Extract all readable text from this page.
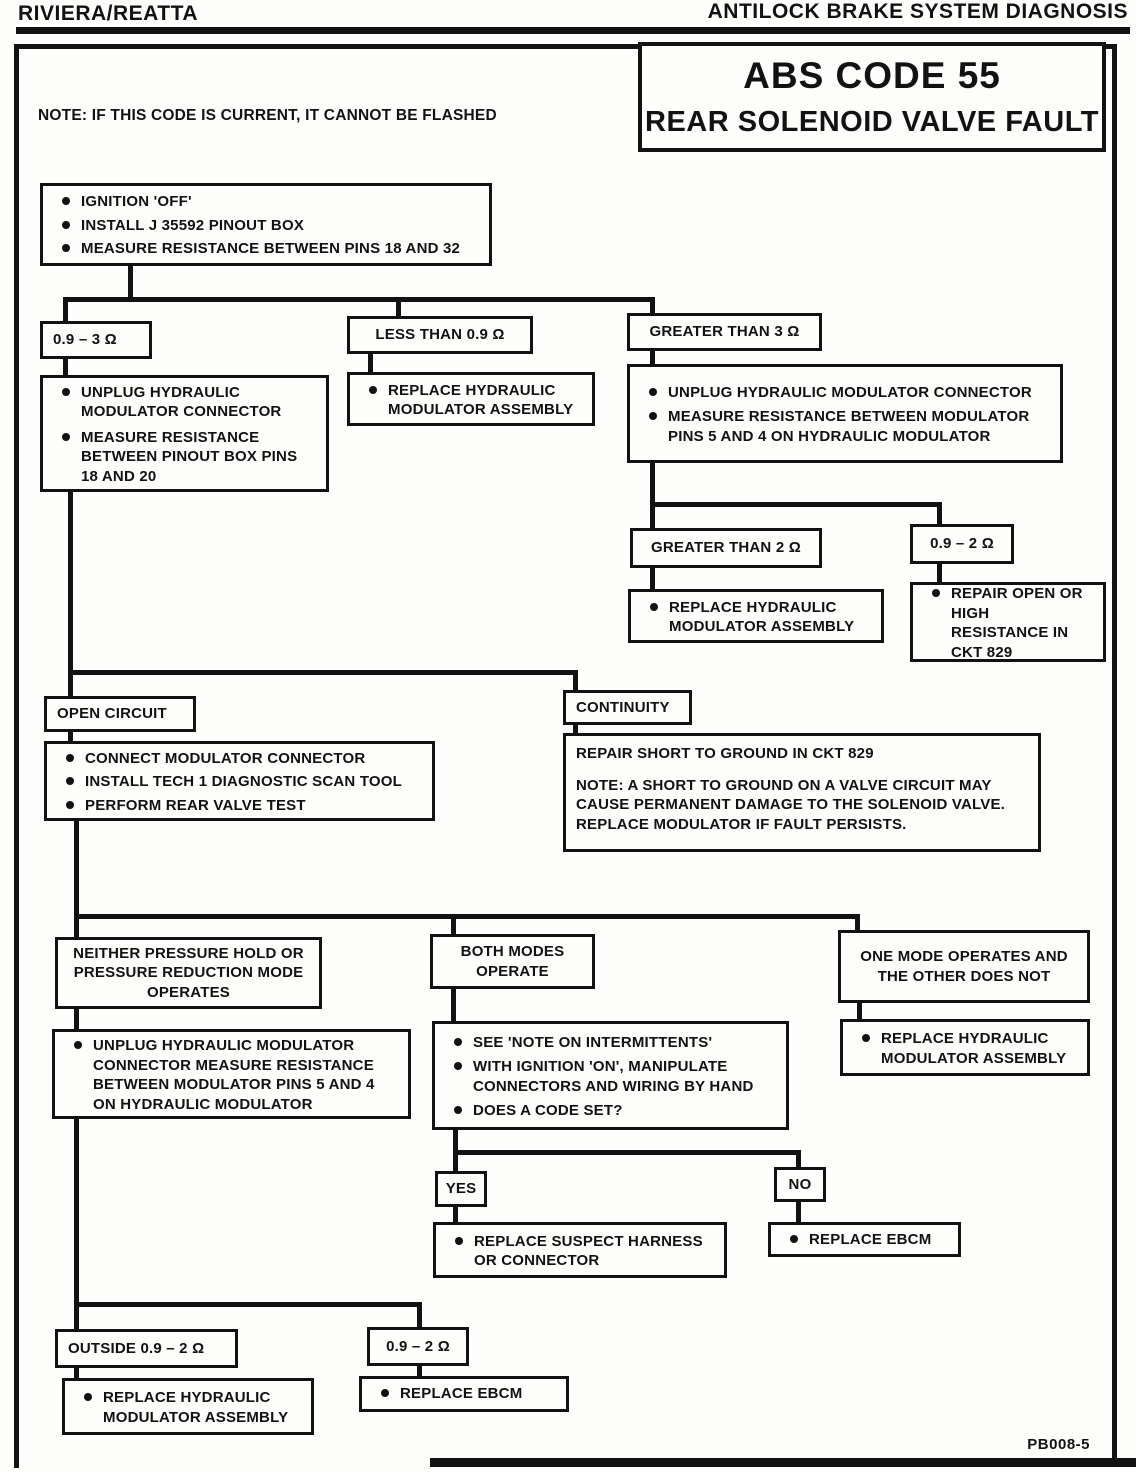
RIVIERA/REATTA	ANTILOCK BRAKE SYSTEM DIAGNOSIS
ABS CODE 55
REAR SOLENOID VALVE FAULT
NOTE: IF THIS CODE IS CURRENT, IT CANNOT BE FLASHED
IGNITION 'OFF'
INSTALL J 35592 PINOUT BOX
MEASURE RESISTANCE BETWEEN PINS 18 AND 32
0.9 – 3 Ω	LESS THAN 0.9 Ω	GREATER THAN 3 Ω
UNPLUG HYDRAULIC MODULATOR CONNECTOR
MEASURE RESISTANCE BETWEEN PINOUT BOX PINS 18 AND 20
REPLACE HYDRAULIC MODULATOR ASSEMBLY
UNPLUG HYDRAULIC MODULATOR CONNECTOR
MEASURE RESISTANCE BETWEEN MODULATOR PINS 5 AND 4 ON HYDRAULIC MODULATOR
GREATER THAN 2 Ω	0.9 – 2 Ω
REPLACE HYDRAULIC MODULATOR ASSEMBLY
REPAIR OPEN OR HIGH RESISTANCE IN CKT 829
OPEN CIRCUIT	CONTINUITY
CONNECT MODULATOR CONNECTOR
INSTALL TECH 1 DIAGNOSTIC SCAN TOOL
PERFORM REAR VALVE TEST

REPAIR SHORT TO GROUND IN CKT 829

NOTE: A SHORT TO GROUND ON A VALVE CIRCUIT MAY CAUSE PERMANENT DAMAGE TO THE SOLENOID VALVE. REPLACE MODULATOR IF FAULT PERSISTS.

NEITHER PRESSURE HOLD OR PRESSURE REDUCTION MODE OPERATES
BOTH MODES OPERATE
ONE MODE OPERATES AND THE OTHER DOES NOT
UNPLUG HYDRAULIC MODULATOR CONNECTOR MEASURE RESISTANCE BETWEEN MODULATOR PINS 5 AND 4 ON HYDRAULIC MODULATOR
SEE 'NOTE ON INTERMITTENTS'
WITH IGNITION 'ON', MANIPULATE CONNECTORS AND WIRING BY HAND
DOES A CODE SET?
REPLACE HYDRAULIC MODULATOR ASSEMBLY
YES	NO
REPLACE SUSPECT HARNESS OR CONNECTOR
REPLACE EBCM
OUTSIDE 0.9 – 2 Ω	0.9 – 2 Ω
REPLACE HYDRAULIC MODULATOR ASSEMBLY
REPLACE EBCM
PB008-5
